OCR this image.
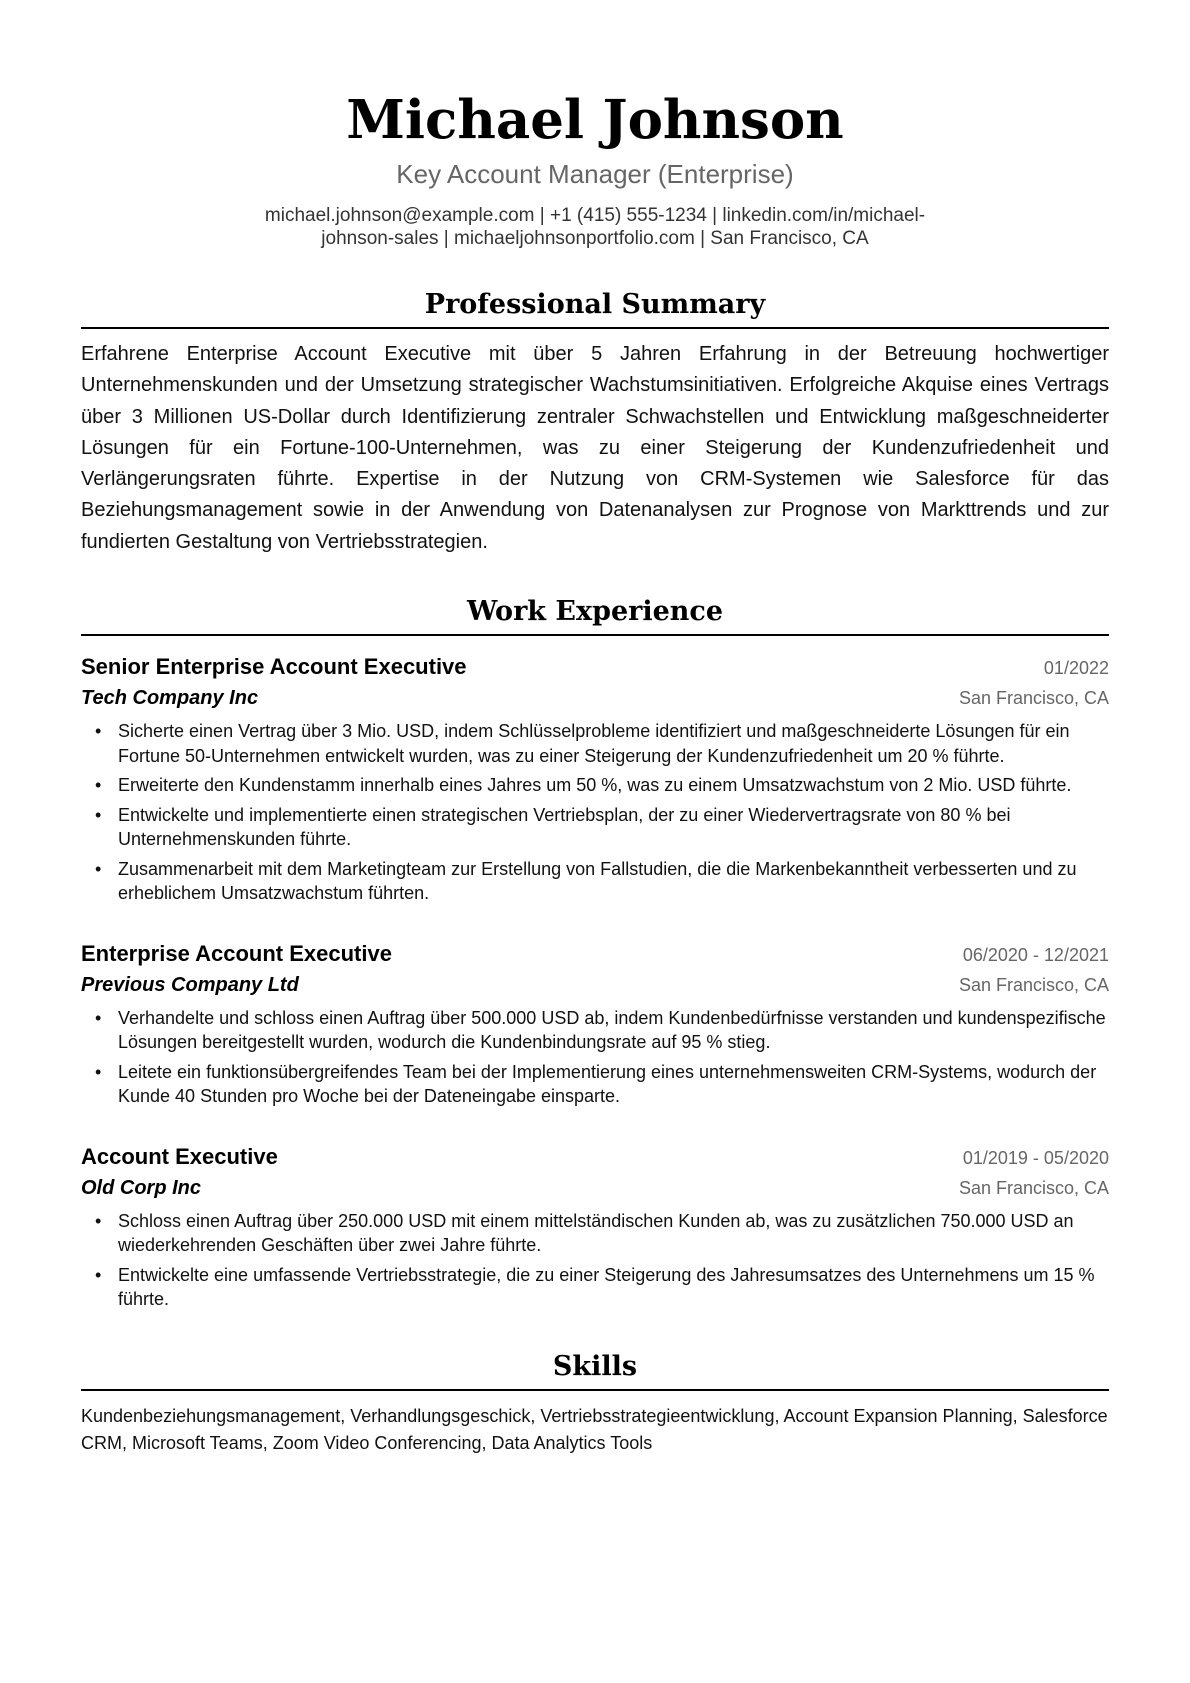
Michael Johnson
Key Account Manager (Enterprise)
michael.johnson@example.com | +1 (415) 555-1234 | linkedin.com/in/michael-johnson-sales | michaeljohnsonportfolio.com | San Francisco, CA
Professional Summary
Erfahrene Enterprise Account Executive mit über 5 Jahren Erfahrung in der Betreuung hochwertiger Unternehmenskunden und der Umsetzung strategischer Wachstumsinitiativen. Erfolgreiche Akquise eines Vertrags über 3 Millionen US-Dollar durch Identifizierung zentraler Schwachstellen und Entwicklung maßgeschneiderter Lösungen für ein Fortune-100-Unternehmen, was zu einer Steigerung der Kundenzufriedenheit und Verlängerungsraten führte. Expertise in der Nutzung von CRM-Systemen wie Salesforce für das Beziehungsmanagement sowie in der Anwendung von Datenanalysen zur Prognose von Markttrends und zur fundierten Gestaltung von Vertriebsstrategien.
Work Experience
Senior Enterprise Account Executive	01/2022
Tech Company Inc	San Francisco, CA
• Sicherte einen Vertrag über 3 Mio. USD, indem Schlüsselprobleme identifiziert und maßgeschneiderte Lösungen für ein Fortune 50-Unternehmen entwickelt wurden, was zu einer Steigerung der Kundenzufriedenheit um 20 % führte.
• Erweiterte den Kundenstamm innerhalb eines Jahres um 50 %, was zu einem Umsatzwachstum von 2 Mio. USD führte.
• Entwickelte und implementierte einen strategischen Vertriebsplan, der zu einer Wiedervertragsrate von 80 % bei Unternehmenskunden führte.
• Zusammenarbeit mit dem Marketingteam zur Erstellung von Fallstudien, die die Markenbekanntheit verbesserten und zu erheblichem Umsatzwachstum führten.
Enterprise Account Executive	06/2020 - 12/2021
Previous Company Ltd	San Francisco, CA
• Verhandelte und schloss einen Auftrag über 500.000 USD ab, indem Kundenbedürfnisse verstanden und kundenspezifische Lösungen bereitgestellt wurden, wodurch die Kundenbindungsrate auf 95 % stieg.
• Leitete ein funktionsübergreifendes Team bei der Implementierung eines unternehmensweiten CRM-Systems, wodurch der Kunde 40 Stunden pro Woche bei der Dateneingabe einsparte.
Account Executive	01/2019 - 05/2020
Old Corp Inc	San Francisco, CA
• Schloss einen Auftrag über 250.000 USD mit einem mittelständischen Kunden ab, was zu zusätzlichen 750.000 USD an wiederkehrenden Geschäften über zwei Jahre führte.
• Entwickelte eine umfassende Vertriebsstrategie, die zu einer Steigerung des Jahresumsatzes des Unternehmens um 15 % führte.
Skills
Kundenbeziehungsmanagement, Verhandlungsgeschick, Vertriebsstrategieentwicklung, Account Expansion Planning, Salesforce CRM, Microsoft Teams, Zoom Video Conferencing, Data Analytics Tools
